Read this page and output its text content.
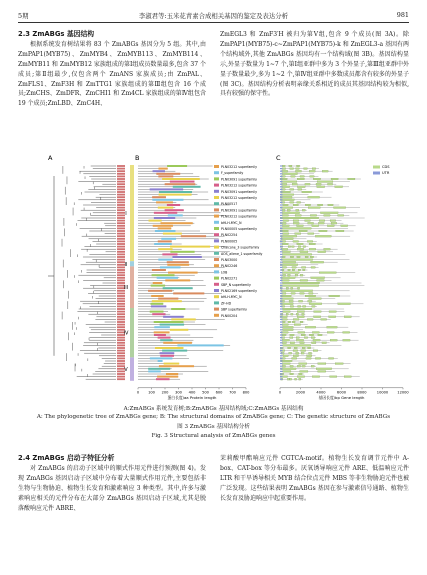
5期	李淑君等:玉米花青素合成相关基因的鉴定及表达分析	981

2.3 ZmABGs 基因结构

根据系统发育树结果将 83 个 ZmABGs 基因分为 5 组。其中,由 ZmPAP1(MYB75)、ZmMYB4、ZmMYB113、ZmMYB114、ZmMYB11 和 ZmMYB12 家族组成的第Ⅰ组成员数量最多,包含 37 个成员;第Ⅱ组最少,仅包含两个 ZmANS 家族成员;由 ZmPAL、ZmFLS1、ZmF3H 和 ZmTTG1 家族组成的第Ⅲ组包含 16 个成员;ZmCHS、ZmDFR、ZmCHI1 和 Zm4CL 家族组成的第Ⅳ组包含 19 个成员;ZmLBD、ZmC4H、

ZmEGL3 和 ZmF3′H 被归为第Ⅴ组,包含 9 个成员(图 3A)。除 ZmPAP1(MYB75)-c~ZmPAP1(MYB75)-k 和 ZmEGL3-a 基因有两个结构域外,其他 ZmABGs 基因均有一个结构域(图 3B)。基因结构显示,外显子数量为 1~7 个,第Ⅰ组亚群中多为 3 个外显子,第Ⅲ组亚群中外显子数量最少,多为 1~2 个,第Ⅳ组亚群中多数成员都含有较多的外显子(图 3C)。基因结构分析表明亲缘关系相近的成员其基因结构较为相似,具有较强的保守性。

I
II
III
IV
V
PLN03212 superfamily
F_superfamily
PLN03091 superfamily
PLN03212 superfamily
PLN03091 superfamily
PLN03212 superfamily
PLN00517
PLN03091 superfamily
PLN03212 superfamily
bHLH-MYC_N
PLN00005 superfamily
PLN02254
PLN00005
Chalcone_3 superfamily
AOS_allene_1 superfamily
PLN03000
PLN02246
LOB
PLN02271
SBP_N superfamily
PLN02169 superfamily
bHLH-MYC_N
ZF-HD
SBP superfamily
PLN00204
0 100 200 300 400 500 600 700 800
蛋白长度/aa Protein length
CDS
UTR
0	2000	4000	6000	8000	10000	12000
基因长度/bp Gene length
A	B	C
A:ZmABGs 系统发育树;B:ZmABGs 基因结构域;C:ZmABGs 基因结构
A: The phylogenetic tree of ZmABGs gene; B: The structural domains of ZmABGs gene; C: The genetic structure of ZmABGs
图 3 ZmABGs 基因结构分析
Fig. 3 Structural analysis of ZmABGs genes

2.4 ZmABGs 启动子特征分析

对 ZmABGs 的启动子区域中的顺式作用元件进行预测(图 4)。发现 ZmABGs 基因启动子区域中分布着大量顺式作用元件,主要包括非生物与生物胁迫、植物生长发育和激素响应 3 种类型。其中,许多与激素响应相关的元件分布在大部分 ZmABGs 基因启动子区域,尤其是脱落酸响应元件 ABRE、

茉莉酸甲酯响应元件 CGTCA-motif。植物生长发育调节元件中 A-box、CAT-box 等分布最多。厌氧诱导响应元件 ARE、低温响应元件 LTR 和干旱诱导相关 MYB 结合位点元件 MBS 等非生物胁迫元件也被广泛发现。这些结果表明 ZmABGs 基因在参与激素信号通路、植物生长发育及胁迫响应中起重要作用。
